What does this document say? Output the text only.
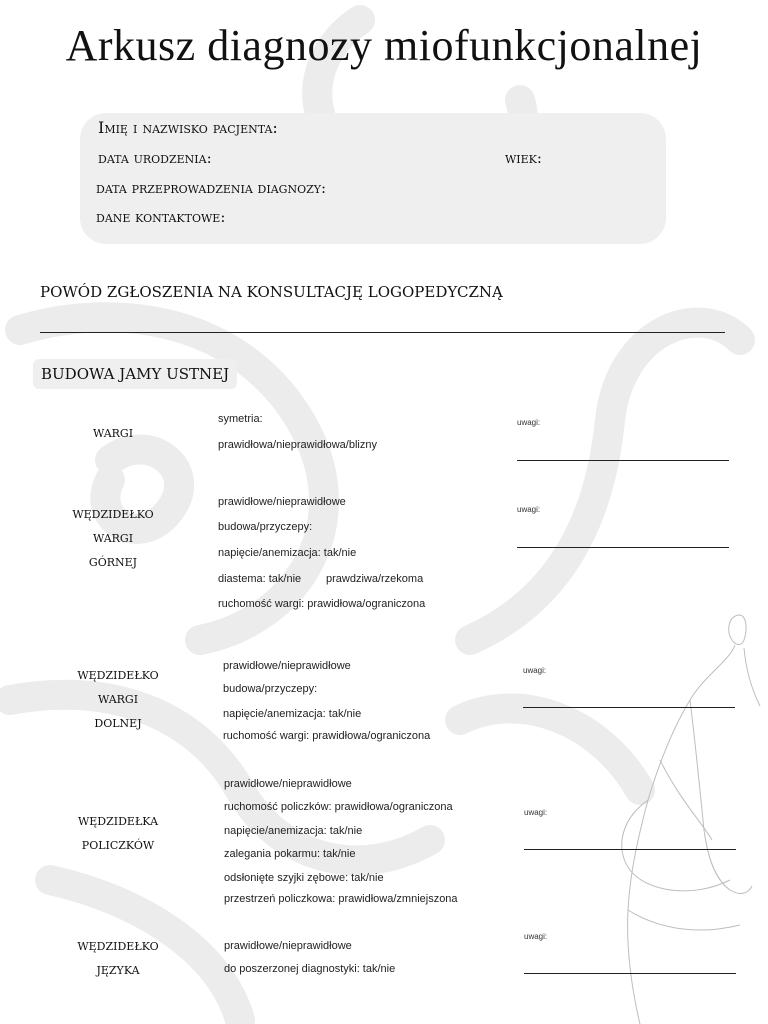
Arkusz diagnozy miofunkcjonalnej
Imię i nazwisko pacjenta:
data urodzenia:	wiek:
data przeprowadzenia diagnozy:
dane kontaktowe:
POWÓD ZGŁOSZENIA NA KONSULTACJĘ LOGOPEDYCZNĄ
BUDOWA JAMY USTNEJ
wargi
symetria:
prawidłowa/nieprawidłowa/blizny
uwagi:
wędzidełko
wargi
górnej
prawidłowe/nieprawidłowe
budowa/przyczepy:
napięcie/anemizacja: tak/nie
diastema: tak/nie prawdziwa/rzekoma
ruchomość wargi: prawidłowa/ograniczona
uwagi:
wędzidełko
wargi
dolnej
prawidłowe/nieprawidłowe
budowa/przyczepy:
napięcie/anemizacja: tak/nie
ruchomość wargi: prawidłowa/ograniczona
uwagi:
wędzidełka
policzków
prawidłowe/nieprawidłowe
ruchomość policzków: prawidłowa/ograniczona
napięcie/anemizacja: tak/nie
zalegania pokarmu: tak/nie
odsłonięte szyjki zębowe: tak/nie
przestrzeń policzkowa: prawidłowa/zmniejszona
uwagi:
wędzidełko
języka
prawidłowe/nieprawidłowe
do poszerzonej diagnostyki: tak/nie
uwagi:
